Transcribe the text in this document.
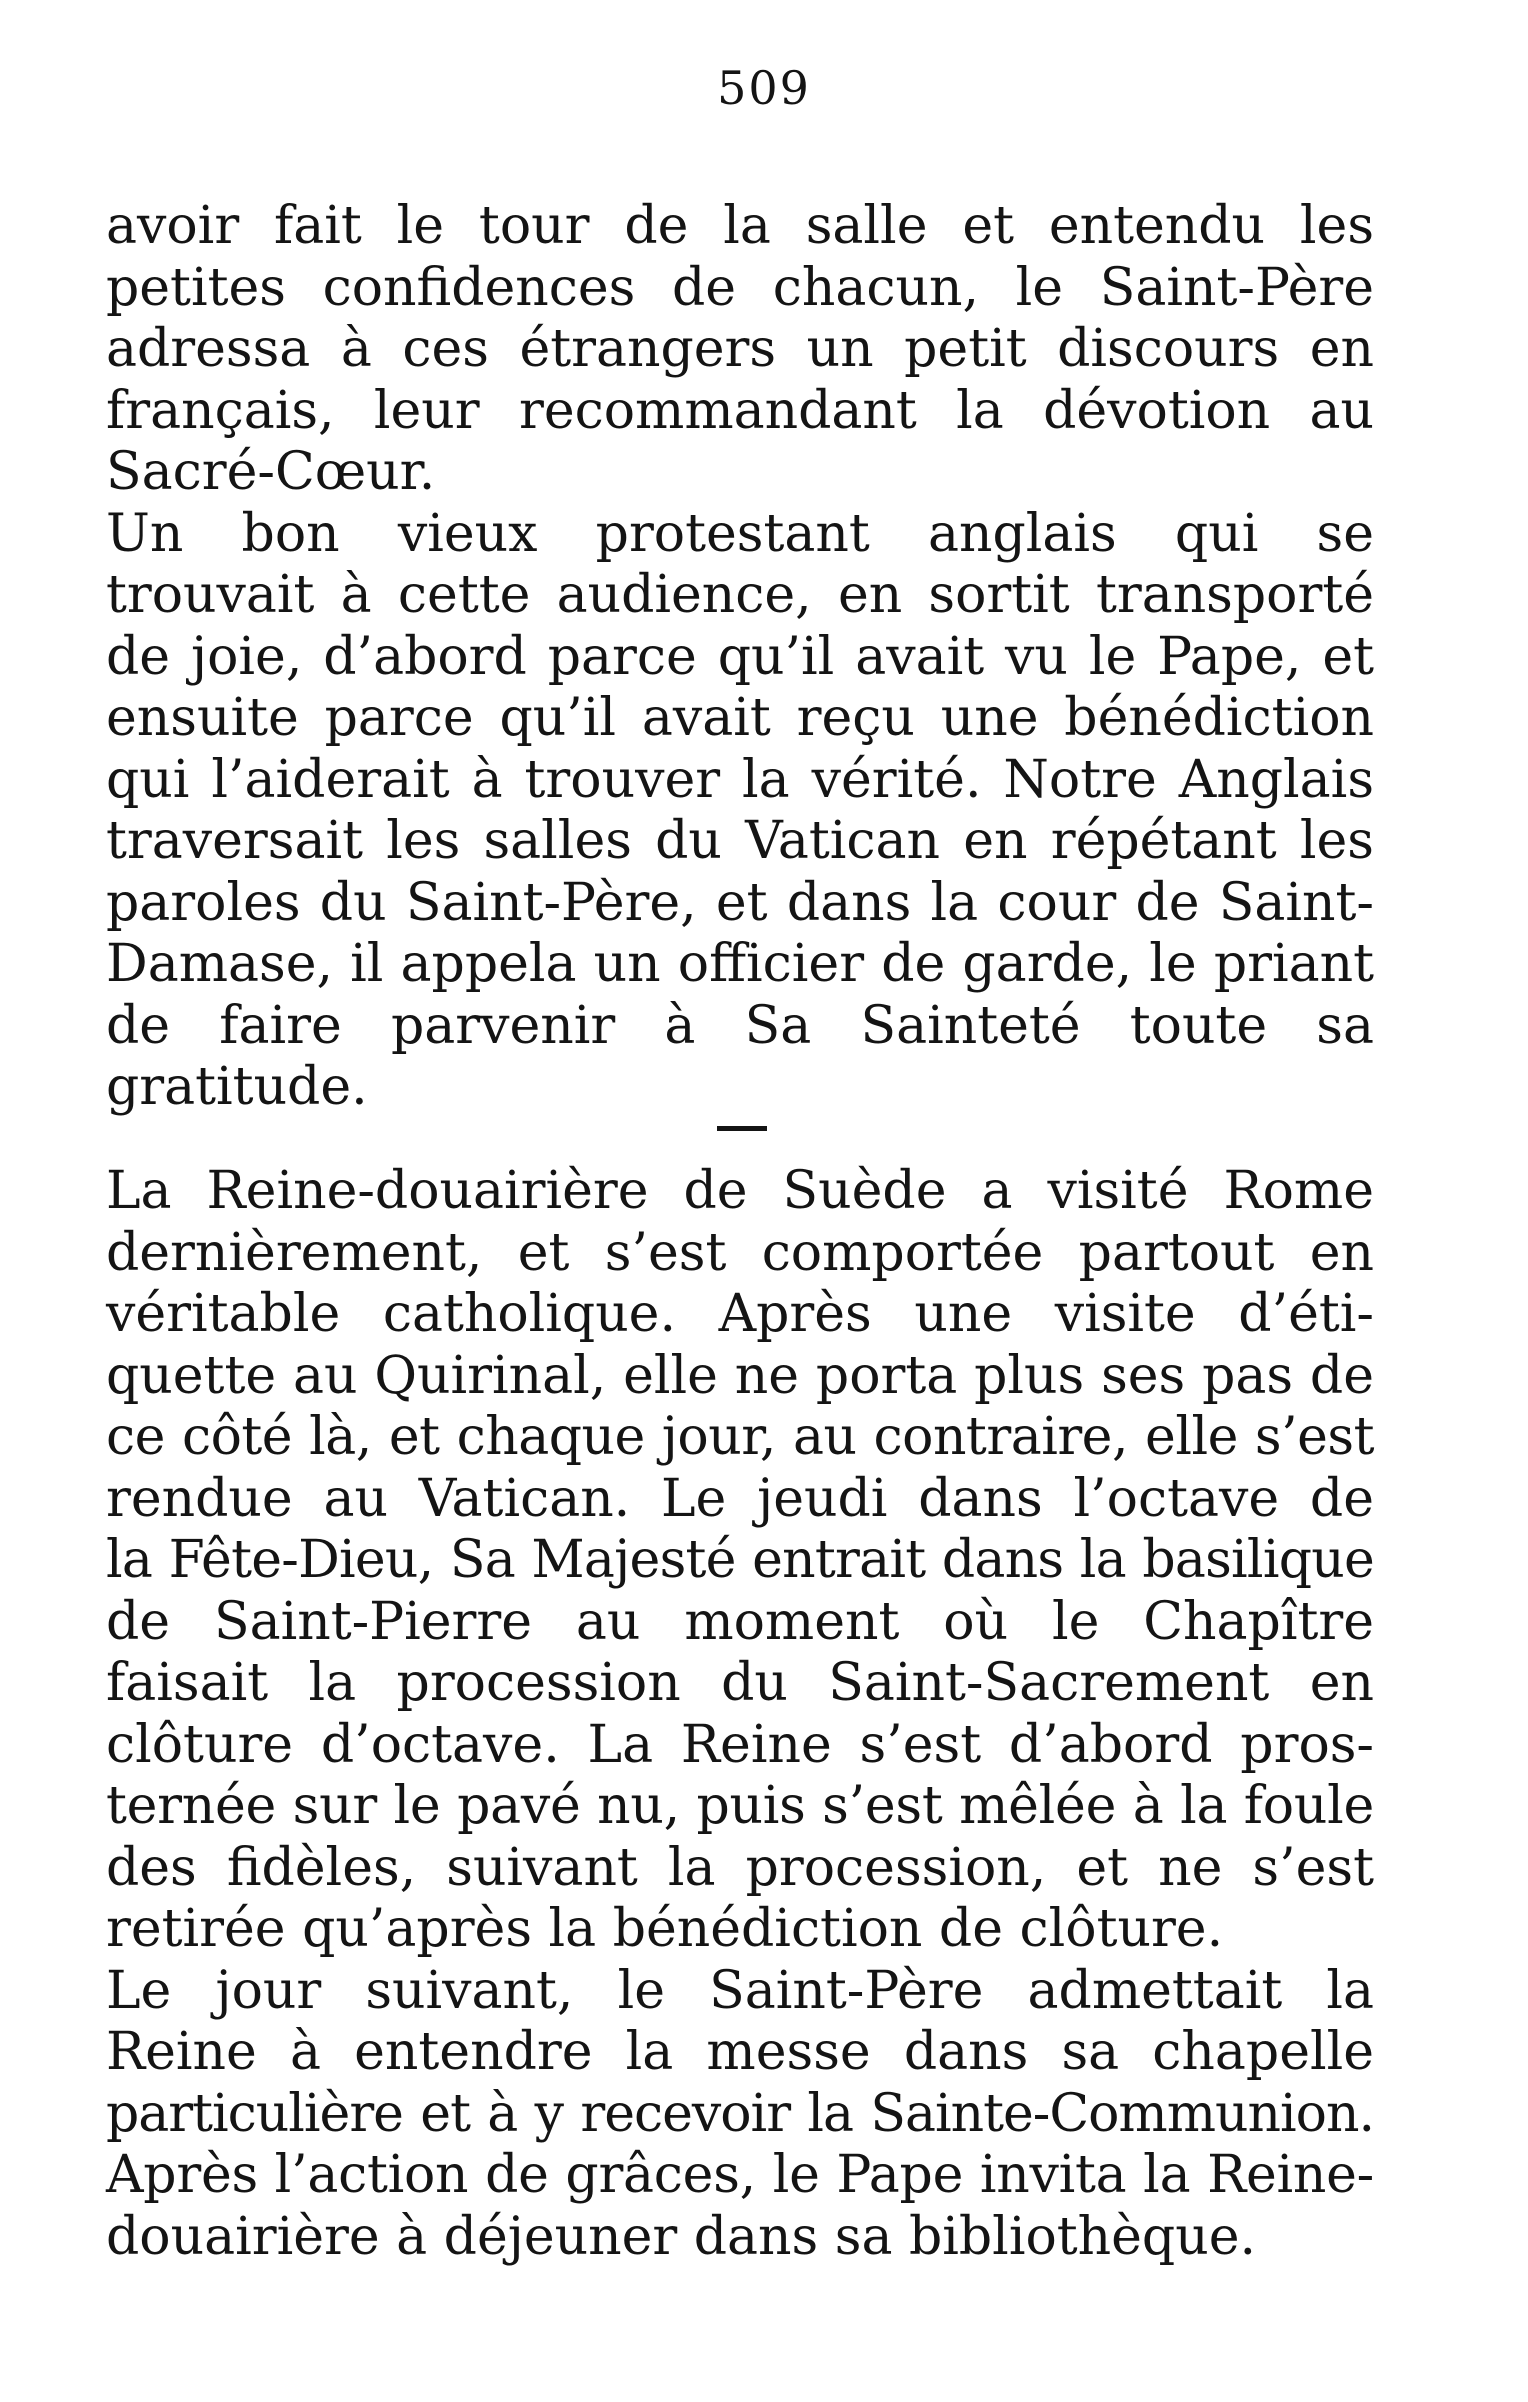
509
avoir fait le tour de la salle et entendu les
petites confidences de chacun, le Saint-Père
adressa à ces étrangers un petit discours en
français, leur recommandant la dévotion au
Sacré-Cœur.
Un bon vieux protestant anglais qui se
trouvait à cette audience, en sortit transporté
de joie, d’abord parce qu’il avait vu le Pape, et
ensuite parce qu’il avait reçu une bénédiction
qui l’aiderait à trouver la vérité. Notre Anglais
traversait les salles du Vatican en répétant les
paroles du Saint-Père, et dans la cour de Saint-
Damase, il appela un officier de garde, le priant
de faire parvenir à Sa Sainteté toute sa
gratitude.
La Reine-douairière de Suède a visité Rome
dernièrement, et s’est comportée partout en
véritable catholique. Après une visite d’éti-
quette au Quirinal, elle ne porta plus ses pas de
ce côté là, et chaque jour, au contraire, elle s’est
rendue au Vatican. Le jeudi dans l’octave de
la Fête-Dieu, Sa Majesté entrait dans la basilique
de Saint-Pierre au moment où le Chapître
faisait la procession du Saint-Sacrement en
clôture d’octave. La Reine s’est d’abord pros-
ternée sur le pavé nu, puis s’est mêlée à la foule
des fidèles, suivant la procession, et ne s’est
retirée qu’après la bénédiction de clôture.
Le jour suivant, le Saint-Père admettait la
Reine à entendre la messe dans sa chapelle
particulière et à y recevoir la Sainte-Communion.
Après l’action de grâces, le Pape invita la Reine-
douairière à déjeuner dans sa bibliothèque.
